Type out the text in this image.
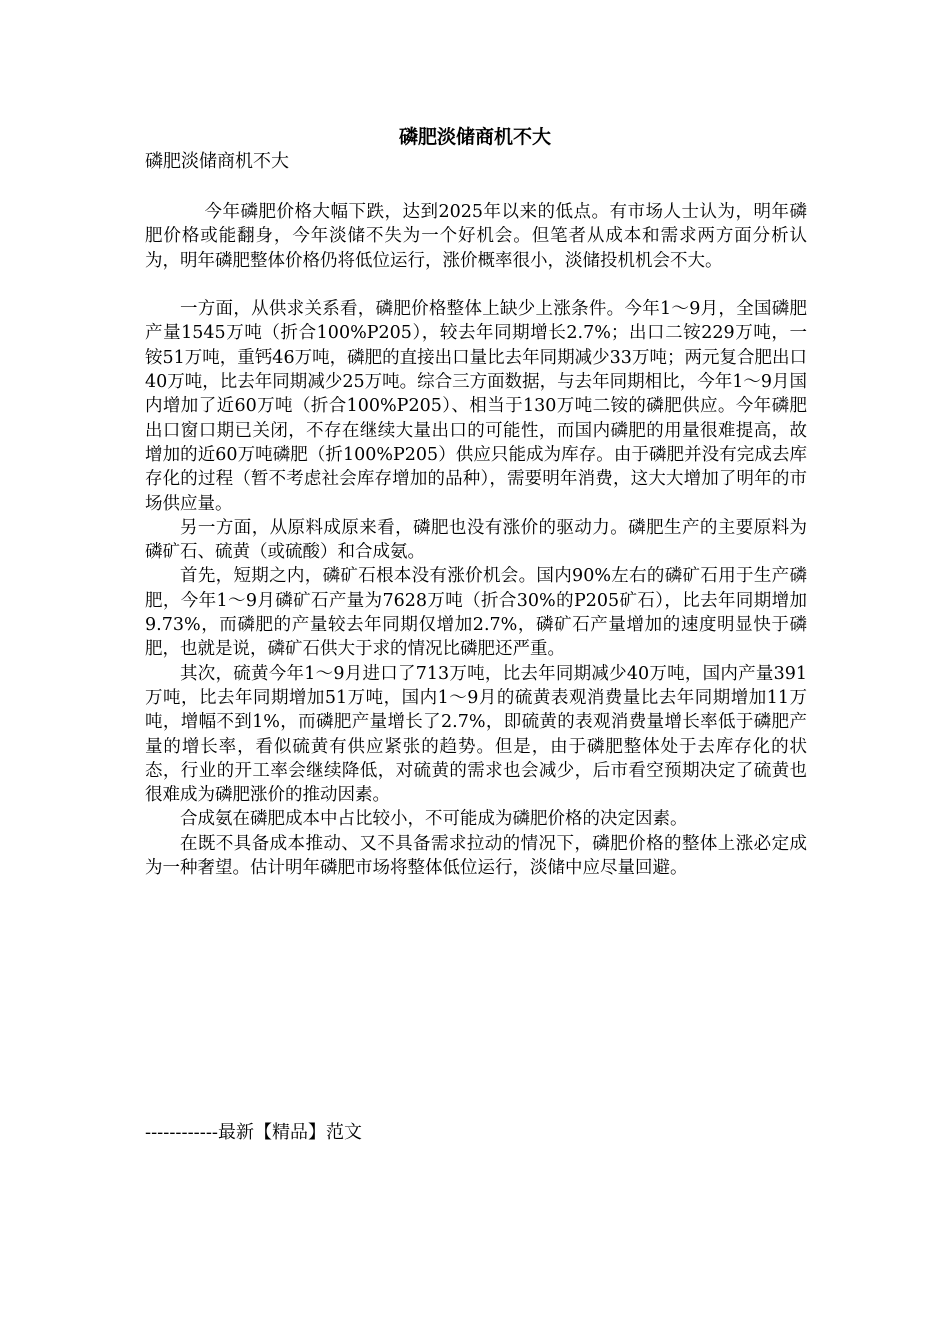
磷肥淡储商机不大
磷肥淡储商机不大

今年磷肥价格大幅下跌，达到2025年以来的低点。有市场人士认为，明年磷肥价格或能翻身，今年淡储不失为一个好机会。但笔者从成本和需求两方面分析认为，明年磷肥整体价格仍将低位运行，涨价概率很小，淡储投机机会不大。

一方面，从供求关系看，磷肥价格整体上缺少上涨条件。今年1～9月，全国磷肥产量1545万吨（折合100%P205），较去年同期增长2.7%；出口二铵229万吨，一铵51万吨，重钙46万吨，磷肥的直接出口量比去年同期减少33万吨；两元复合肥出口40万吨，比去年同期减少25万吨。综合三方面数据，与去年同期相比，今年1～9月国内增加了近60万吨（折合100%P205）、相当于130万吨二铵的磷肥供应。今年磷肥出口窗口期已关闭，不存在继续大量出口的可能性，而国内磷肥的用量很难提高，故增加的近60万吨磷肥（折100%P205）供应只能成为库存。由于磷肥并没有完成去库存化的过程（暂不考虑社会库存增加的品种），需要明年消费，这大大增加了明年的市场供应量。

另一方面，从原料成原来看，磷肥也没有涨价的驱动力。磷肥生产的主要原料为磷矿石、硫黄（或硫酸）和合成氨。

首先，短期之内，磷矿石根本没有涨价机会。国内90%左右的磷矿石用于生产磷肥，今年1～9月磷矿石产量为7628万吨（折合30%的P205矿石），比去年同期增加9.73%，而磷肥的产量较去年同期仅增加2.7%，磷矿石产量增加的速度明显快于磷肥，也就是说，磷矿石供大于求的情况比磷肥还严重。

其次，硫黄今年1～9月进口了713万吨，比去年同期减少40万吨，国内产量391万吨，比去年同期增加51万吨，国内1～9月的硫黄表观消费量比去年同期增加11万吨，增幅不到1%，而磷肥产量增长了2.7%，即硫黄的表观消费量增长率低于磷肥产量的增长率，看似硫黄有供应紧张的趋势。但是，由于磷肥整体处于去库存化的状态，行业的开工率会继续降低，对硫黄的需求也会减少，后市看空预期决定了硫黄也很难成为磷肥涨价的推动因素。

合成氨在磷肥成本中占比较小，不可能成为磷肥价格的决定因素。

在既不具备成本推动、又不具备需求拉动的情况下，磷肥价格的整体上涨必定成为一种奢望。估计明年磷肥市场将整体低位运行，淡储中应尽量回避。

------------最新【精品】范文
